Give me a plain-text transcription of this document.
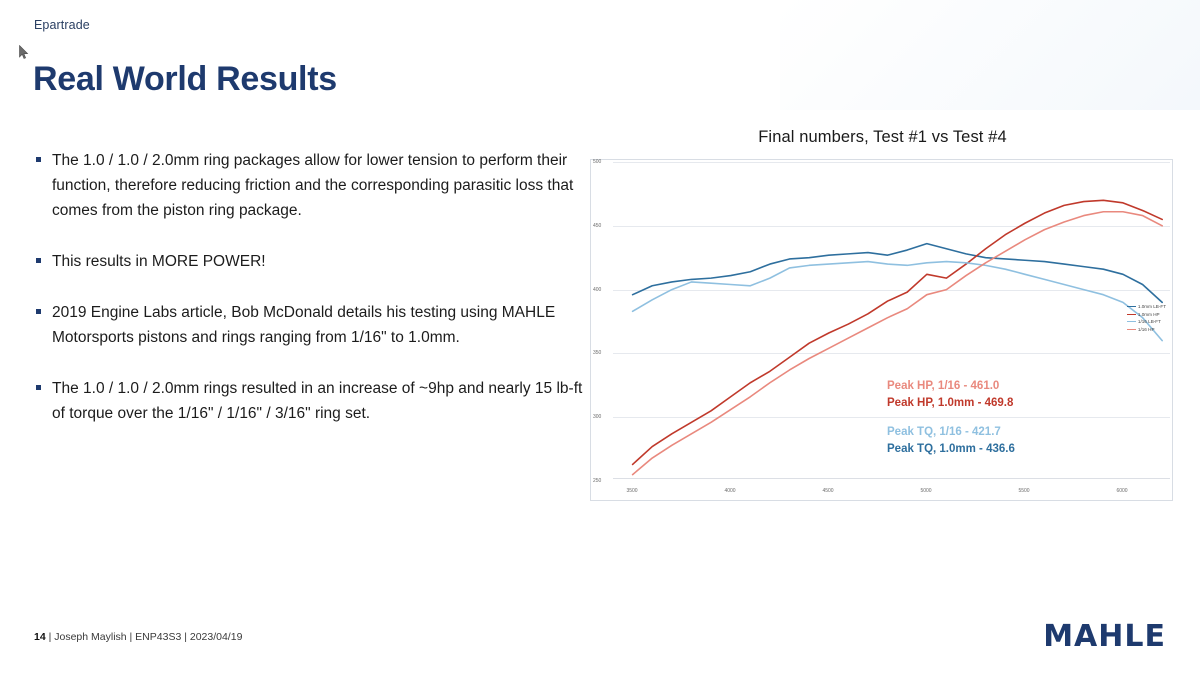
Epartrade
Real World Results
The 1.0 / 1.0 / 2.0mm ring packages allow for lower tension to perform their function, therefore reducing friction and the corresponding parasitic loss that comes from the piston ring package.
This results in MORE POWER!
2019 Engine Labs article, Bob McDonald details his testing using MAHLE Motorsports pistons and rings ranging from 1/16" to 1.0mm.
The 1.0 / 1.0 / 2.0mm rings resulted in an increase of ~9hp and nearly 15 lb-ft of torque over the 1/16" / 1/16" / 3/16" ring set.
Final numbers, Test #1 vs Test #4
500
450
400
350
300
250
3500	4000	4500	5000	5500	6000
1.0mm LB-FT
1.0mm HP
1/16 LB-FT
1/16 HP
Peak HP, 1/16 - 461.0
Peak HP, 1.0mm - 469.8
Peak TQ, 1/16 - 421.7
Peak TQ, 1.0mm - 436.6
14 | Joseph Maylish | ENP43S3 | 2023/04/19	MAHLE
